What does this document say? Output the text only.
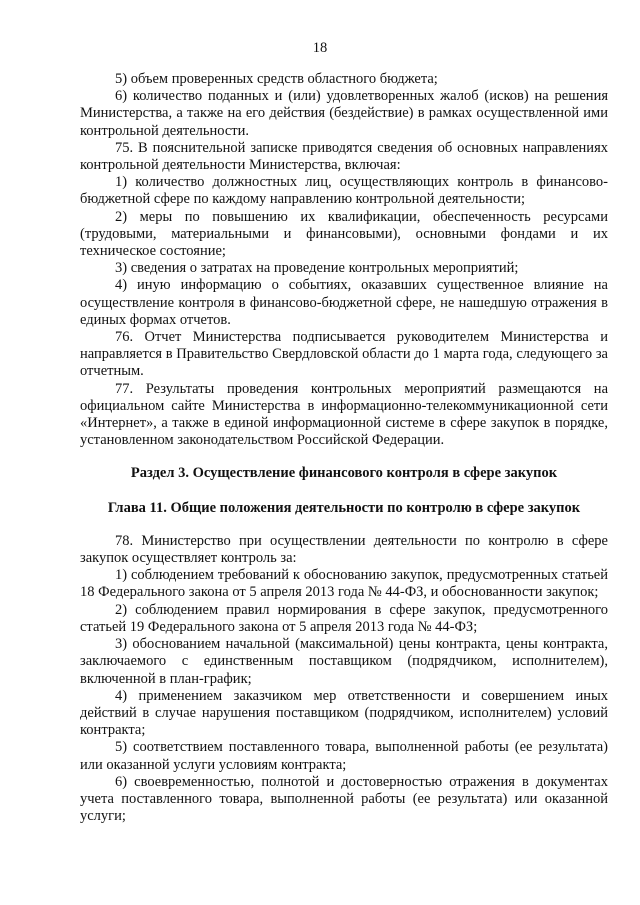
18

5) объем проверенных средств областного бюджета;

6) количество поданных и (или) удовлетворенных жалоб (исков) на решения Министерства, а также на его действия (бездействие) в рамках осуществленной ими контрольной деятельности.

75. В пояснительной записке приводятся сведения об основных направлениях контрольной деятельности Министерства, включая:

1) количество должностных лиц, осуществляющих контроль в финансово-бюджетной сфере по каждому направлению контрольной деятельности;

2) меры по повышению их квалификации, обеспеченность ресурсами (трудовыми, материальными и финансовыми), основными фондами и их техническое состояние;

3) сведения о затратах на проведение контрольных мероприятий;

4) иную информацию о событиях, оказавших существенное влияние на осуществление контроля в финансово-бюджетной сфере, не нашедшую отражения в единых формах отчетов.

76. Отчет Министерства подписывается руководителем Министерства и направляется в Правительство Свердловской области до 1 марта года, следующего за отчетным.

77. Результаты проведения контрольных мероприятий размещаются на официальном сайте Министерства в информационно-телекоммуникационной сети «Интернет», а также в единой информационной системе в сфере закупок в порядке, установленном законодательством Российской Федерации.

Раздел 3. Осуществление финансового контроля в сфере закупок

Глава 11. Общие положения деятельности по контролю в сфере закупок

78. Министерство при осуществлении деятельности по контролю в сфере закупок осуществляет контроль за:

1) соблюдением требований к обоснованию закупок, предусмотренных статьей 18 Федерального закона от 5 апреля 2013 года № 44-ФЗ, и обоснованности закупок;

2) соблюдением правил нормирования в сфере закупок, предусмотренного статьей 19 Федерального закона от 5 апреля 2013 года № 44-ФЗ;

3) обоснованием начальной (максимальной) цены контракта, цены контракта, заключаемого с единственным поставщиком (подрядчиком, исполнителем), включенной в план-график;

4) применением заказчиком мер ответственности и совершением иных действий в случае нарушения поставщиком (подрядчиком, исполнителем) условий контракта;

5) соответствием поставленного товара, выполненной работы (ее результата) или оказанной услуги условиям контракта;

6) своевременностью, полнотой и достоверностью отражения в документах учета поставленного товара, выполненной работы (ее результата) или оказанной услуги;
